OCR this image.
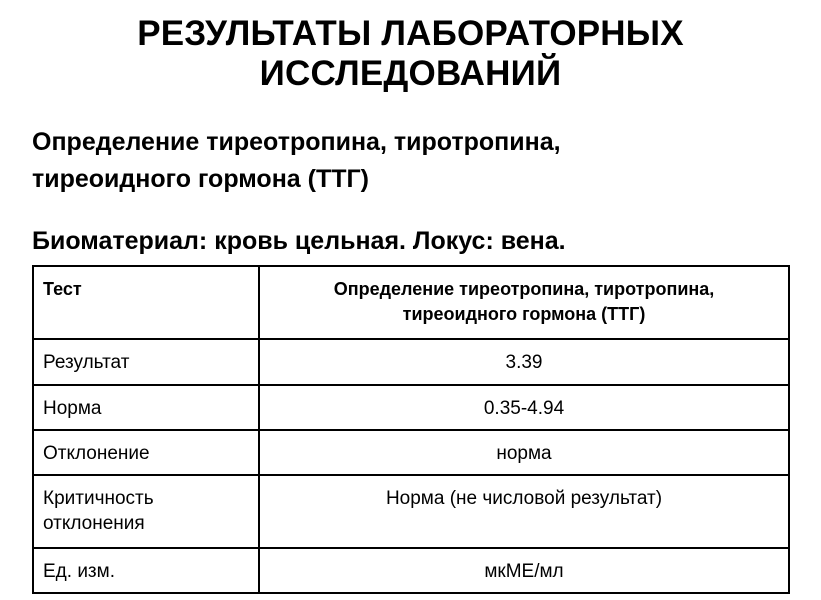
РЕЗУЛЬТАТЫ ЛАБОРАТОРНЫХ
ИССЛЕДОВАНИЙ
Определение тиреотропина, тиротропина,
тиреоидного гормона (ТТГ)

Биоматериал: кровь цельная. Локус: вена.

Тест	Определение тиреотропина, тиротропина,
тиреоидного гормона (ТТГ)
Результат	3.39
Норма	0.35-4.94
Отклонение	норма
Критичность
отклонения	Норма (не числовой результат)
Ед. изм.	мкМЕ/мл
